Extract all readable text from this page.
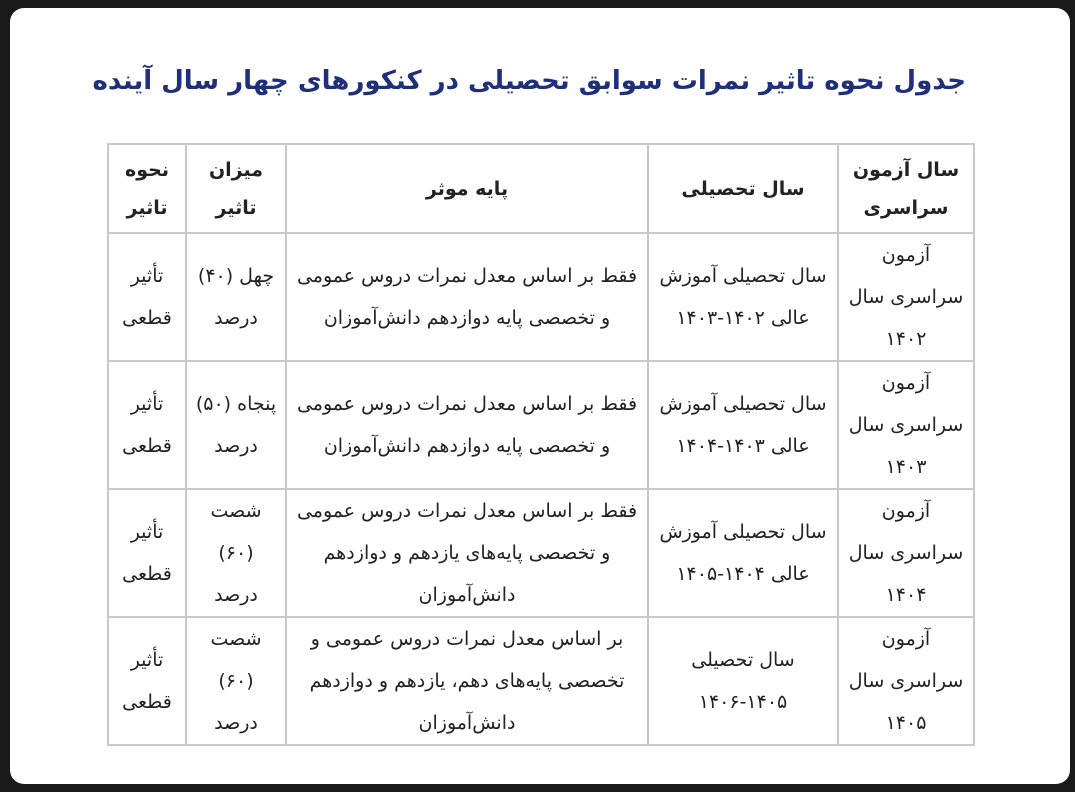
جدول نحوه تاثیر نمرات سوابق تحصیلی در کنکورهای چهار سال آینده
سال آزمون سراسری	سال تحصیلی	پایه موثر	میزان تاثیر	نحوه تاثیر
آزمون سراسری سال ۱۴۰۲	سال تحصیلی آموزش عالی ۱۴۰۲-۱۴۰۳	فقط بر اساس معدل نمرات دروس عمومی و تخصصی پایه دوازدهم دانش‌آموزان	چهل (۴۰) درصد	تأثیر قطعی
آزمون سراسری سال ۱۴۰۳	سال تحصیلی آموزش عالی ۱۴۰۳-۱۴۰۴	فقط بر اساس معدل نمرات دروس عمومی و تخصصی پایه دوازدهم دانش‌آموزان	پنجاه (۵۰) درصد	تأثیر قطعی
آزمون سراسری سال ۱۴۰۴	سال تحصیلی آموزش عالی ۱۴۰۴-۱۴۰۵	فقط بر اساس معدل نمرات دروس عمومی و تخصصی پایه‌های یازدهم و دوازدهم دانش‌آموزان	شصت (۶۰) درصد	تأثیر قطعی
آزمون سراسری سال ۱۴۰۵	سال تحصیلی ۱۴۰۵-۱۴۰۶	بر اساس معدل نمرات دروس عمومی و تخصصی پایه‌های دهم، یازدهم و دوازدهم دانش‌آموزان	شصت (۶۰) درصد	تأثیر قطعی
